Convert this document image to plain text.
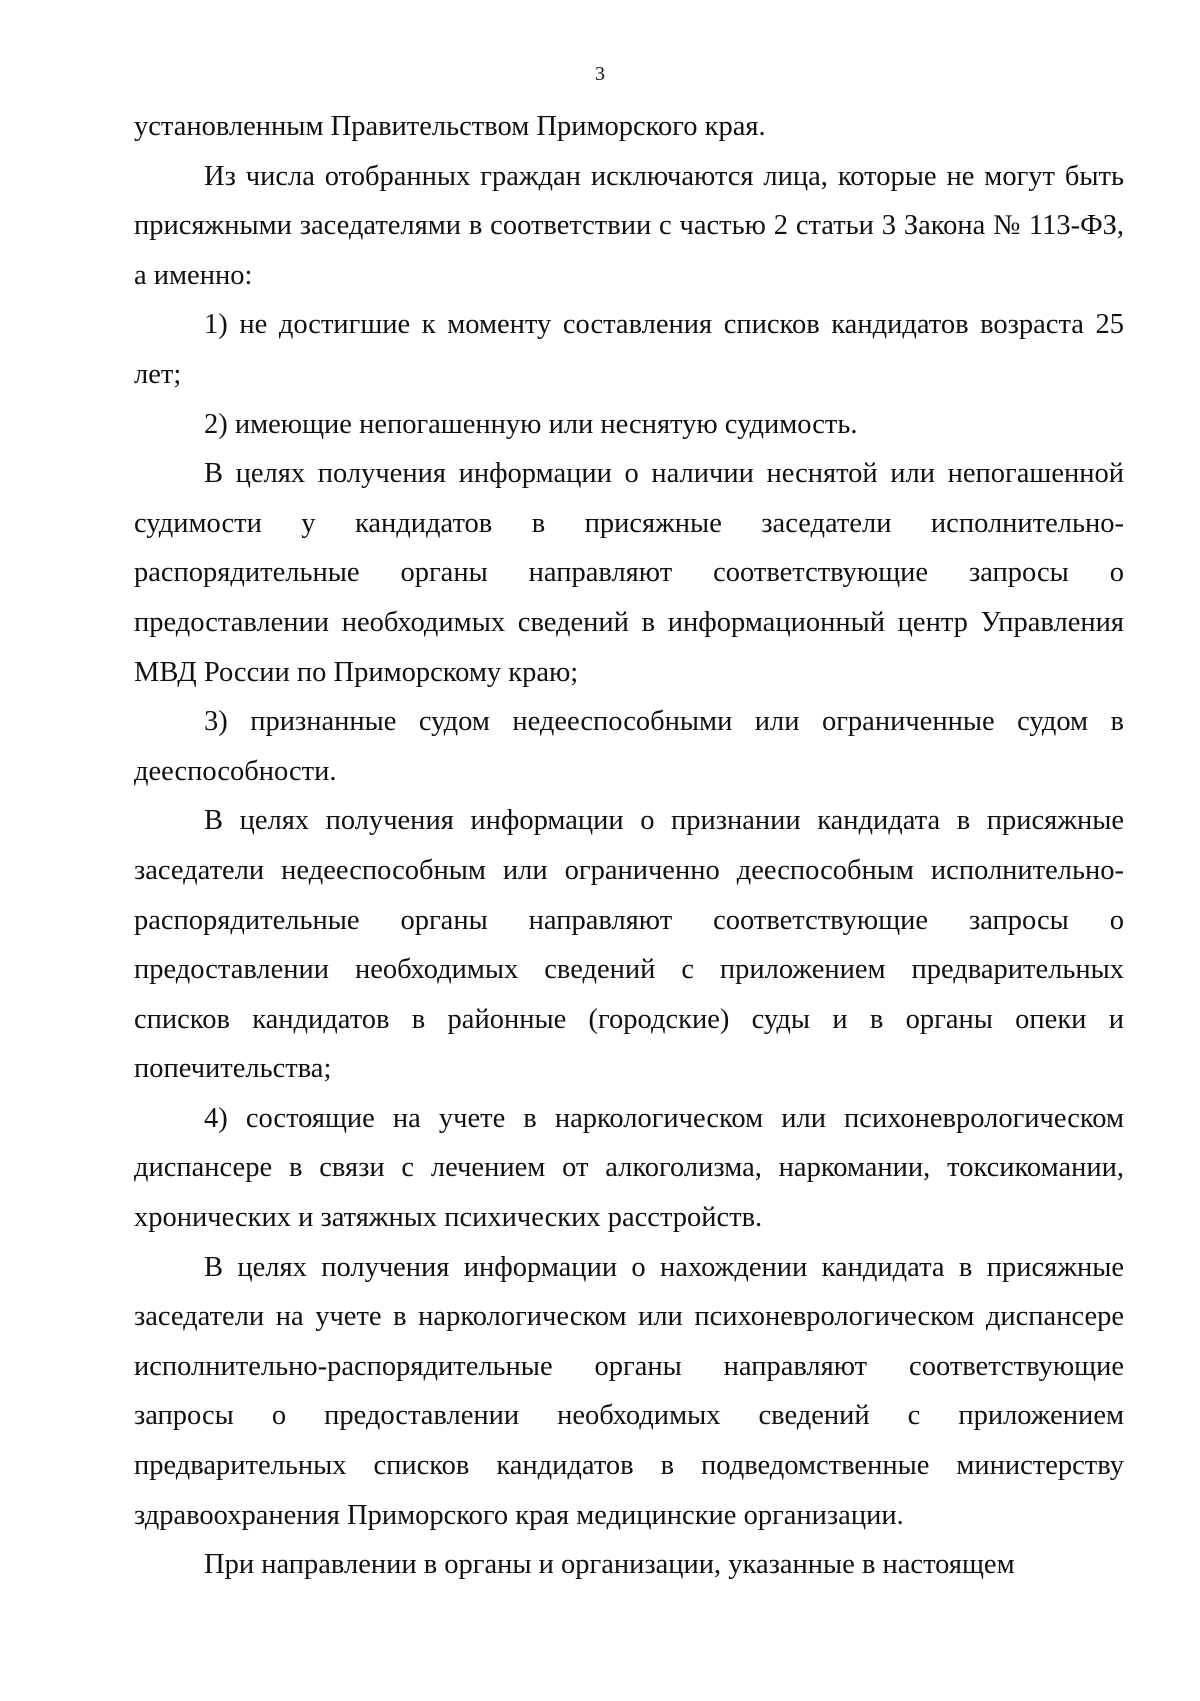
3

установленным Правительством Приморского края.

Из числа отобранных граждан исключаются лица, которые не могут быть присяжными заседателями в соответствии с частью 2 статьи 3 Закона № 113-ФЗ, а именно:

1) не достигшие к моменту составления списков кандидатов возраста 25 лет;

2) имеющие непогашенную или неснятую судимость.

В целях получения информации о наличии неснятой или непогашенной судимости у кандидатов в присяжные заседатели исполнительно-распорядительные органы направляют соответствующие запросы о предоставлении необходимых сведений в информационный центр Управления МВД России по Приморскому краю;

3) признанные судом недееспособными или ограниченные судом в дееспособности.

В целях получения информации о признании кандидата в присяжные заседатели недееспособным или ограниченно дееспособным исполнительно-распорядительные органы направляют соответствующие запросы о предоставлении необходимых сведений с приложением предварительных списков кандидатов в районные (городские) суды и в органы опеки и попечительства;

4) состоящие на учете в наркологическом или психоневрологическом диспансере в связи с лечением от алкоголизма, наркомании, токсикомании, хронических и затяжных психических расстройств.

В целях получения информации о нахождении кандидата в присяжные заседатели на учете в наркологическом или психоневрологическом диспансере исполнительно-распорядительные органы направляют соответствующие запросы о предоставлении необходимых сведений с приложением предварительных списков кандидатов в подведомственные министерству здравоохранения Приморского края медицинские организации.

При направлении в органы и организации, указанные в настоящем
